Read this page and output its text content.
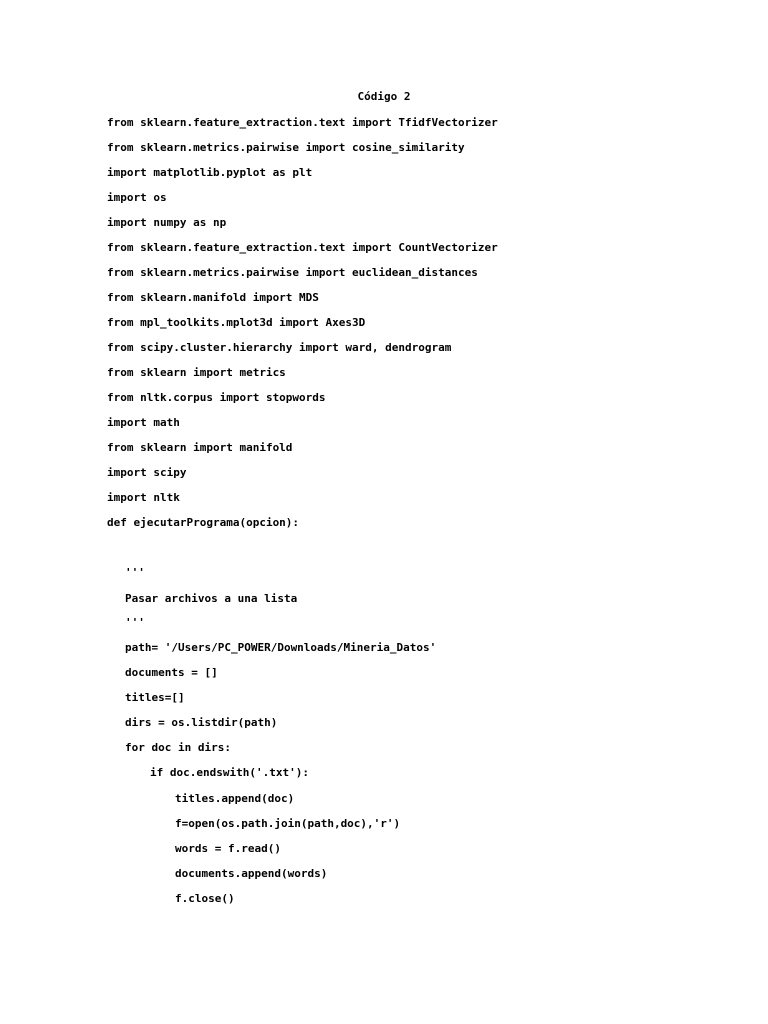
Código 2
from sklearn.feature_extraction.text import TfidfVectorizer
from sklearn.metrics.pairwise import cosine_similarity
import matplotlib.pyplot as plt
import os
import numpy as np
from sklearn.feature_extraction.text import CountVectorizer
from sklearn.metrics.pairwise import euclidean_distances
from sklearn.manifold import MDS
from mpl_toolkits.mplot3d import Axes3D
from scipy.cluster.hierarchy import ward, dendrogram
from sklearn import metrics
from nltk.corpus import stopwords
import math
from sklearn import manifold
import scipy
import nltk
def ejecutarPrograma(opcion):
'''
Pasar archivos a una lista
'''
path= '/Users/PC_POWER/Downloads/Mineria_Datos'
documents = []
titles=[]
dirs = os.listdir(path)
for doc in dirs:
if doc.endswith('.txt'):
titles.append(doc)
f=open(os.path.join(path,doc),'r')
words = f.read()
documents.append(words)
f.close()
